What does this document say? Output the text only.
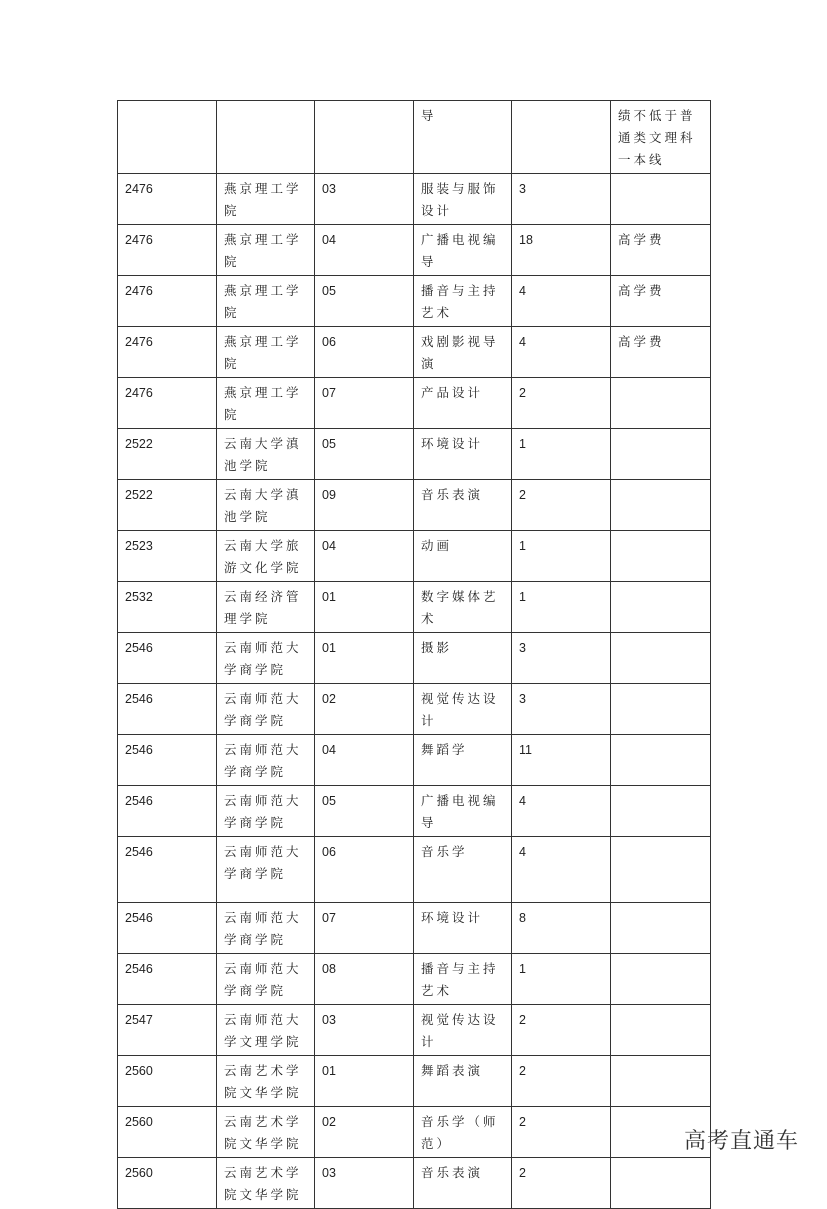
			导		绩不低于普通类文理科一本线
2476	燕京理工学院	03	服装与服饰设计	3	
2476	燕京理工学院	04	广播电视编导	18	高学费
2476	燕京理工学院	05	播音与主持艺术	4	高学费
2476	燕京理工学院	06	戏剧影视导演	4	高学费
2476	燕京理工学院	07	产品设计	2	
2522	云南大学滇池学院	05	环境设计	1	
2522	云南大学滇池学院	09	音乐表演	2	
2523	云南大学旅游文化学院	04	动画	1	
2532	云南经济管理学院	01	数字媒体艺术	1	
2546	云南师范大学商学院	01	摄影	3	
2546	云南师范大学商学院	02	视觉传达设计	3	
2546	云南师范大学商学院	04	舞蹈学	11	
2546	云南师范大学商学院	05	广播电视编导	4	
2546	云南师范大学商学院	06	音乐学	4	
2546	云南师范大学商学院	07	环境设计	8	
2546	云南师范大学商学院	08	播音与主持艺术	1	
2547	云南师范大学文理学院	03	视觉传达设计	2	
2560	云南艺术学院文华学院	01	舞蹈表演	2	
2560	云南艺术学院文华学院	02	音乐学（师范）	2	
2560	云南艺术学院文华学院	03	音乐表演	2	
高考直通车
